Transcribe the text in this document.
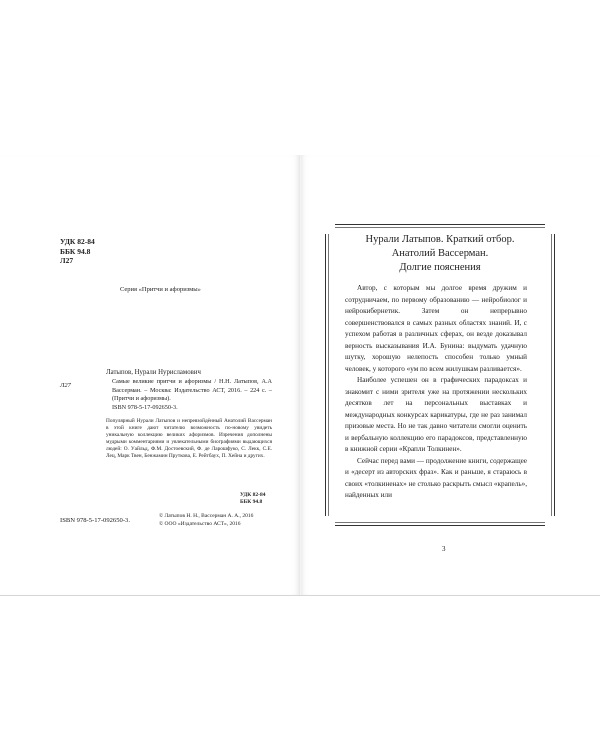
УДК 82-84
ББК 94.8
Л27
Серия «Притчи и афоризмы»
Л27
Латыпов, Нурали Нурисламович
Самые великие притчи и афоризмы / Н.Н. Латыпов, А.А Вассерман. – Москва: Издательство АСТ, 2016. – 224 с. – (Притчи и афоризмы).
ISBN 978-5-17-092650-3.
Популярный Нурали Латыпов и непревзойдённый Анатолий Вассерман в этой книге дают читателю возможность по-новому увидеть уникальную коллекцию великих афоризмов. Изречения дополнены мудрыми комментариями и увлекательными биографиями выдающихся людей: О. Уайльд, Ф.М. Достоевский, Ф. де Ларошфуко, С. Лекк, С.Е. Лец, Марк Твен, Бенжамин Пруткова, Е. Рейтбаух, П. Хейна и других.
УДК 82-84
ББК 94.8
© Латыпов Н. Н., Вассерман А. А., 2016
© ООО «Издательство АСТ», 2016
ISBN 978-5-17-092650-3.
Нурали Латыпов. Краткий отбор.
Анатолий Вассерман.
Долгие пояснения

Автор, с которым мы долгое время дружим и сотрудничаем, по первому образованию — нейробиолог и нейрокибернетик. Затем он непрерывно совершенствовался в самых разных областях знаний. И, с успехом работая в различных сферах, он везде доказывал верность высказывания И.А. Бунина: выдумать удачную шутку, хорошую нелепость способен только умный человек, у которого «ум по всем жилушкам разливается».

Наиболее успешен он в графических парадоксах и знакомит с ними зрителя уже на протяжении нескольких десятков лет на персональных выставках и международных конкурсах карикатуры, где не раз занимал призовые места. Но не так давно читатели смогли оценить и вербальную коллекцию его парадоксов, представленную в книжной серии «Крапли Толкинен».

Сейчас перед вами — продолжение книги, содержащее и «десерт из авторских фраз». Как и раньше, я стараюсь в своих «толкиненах» не столько раскрыть смысл «крапель», найденных или

3
